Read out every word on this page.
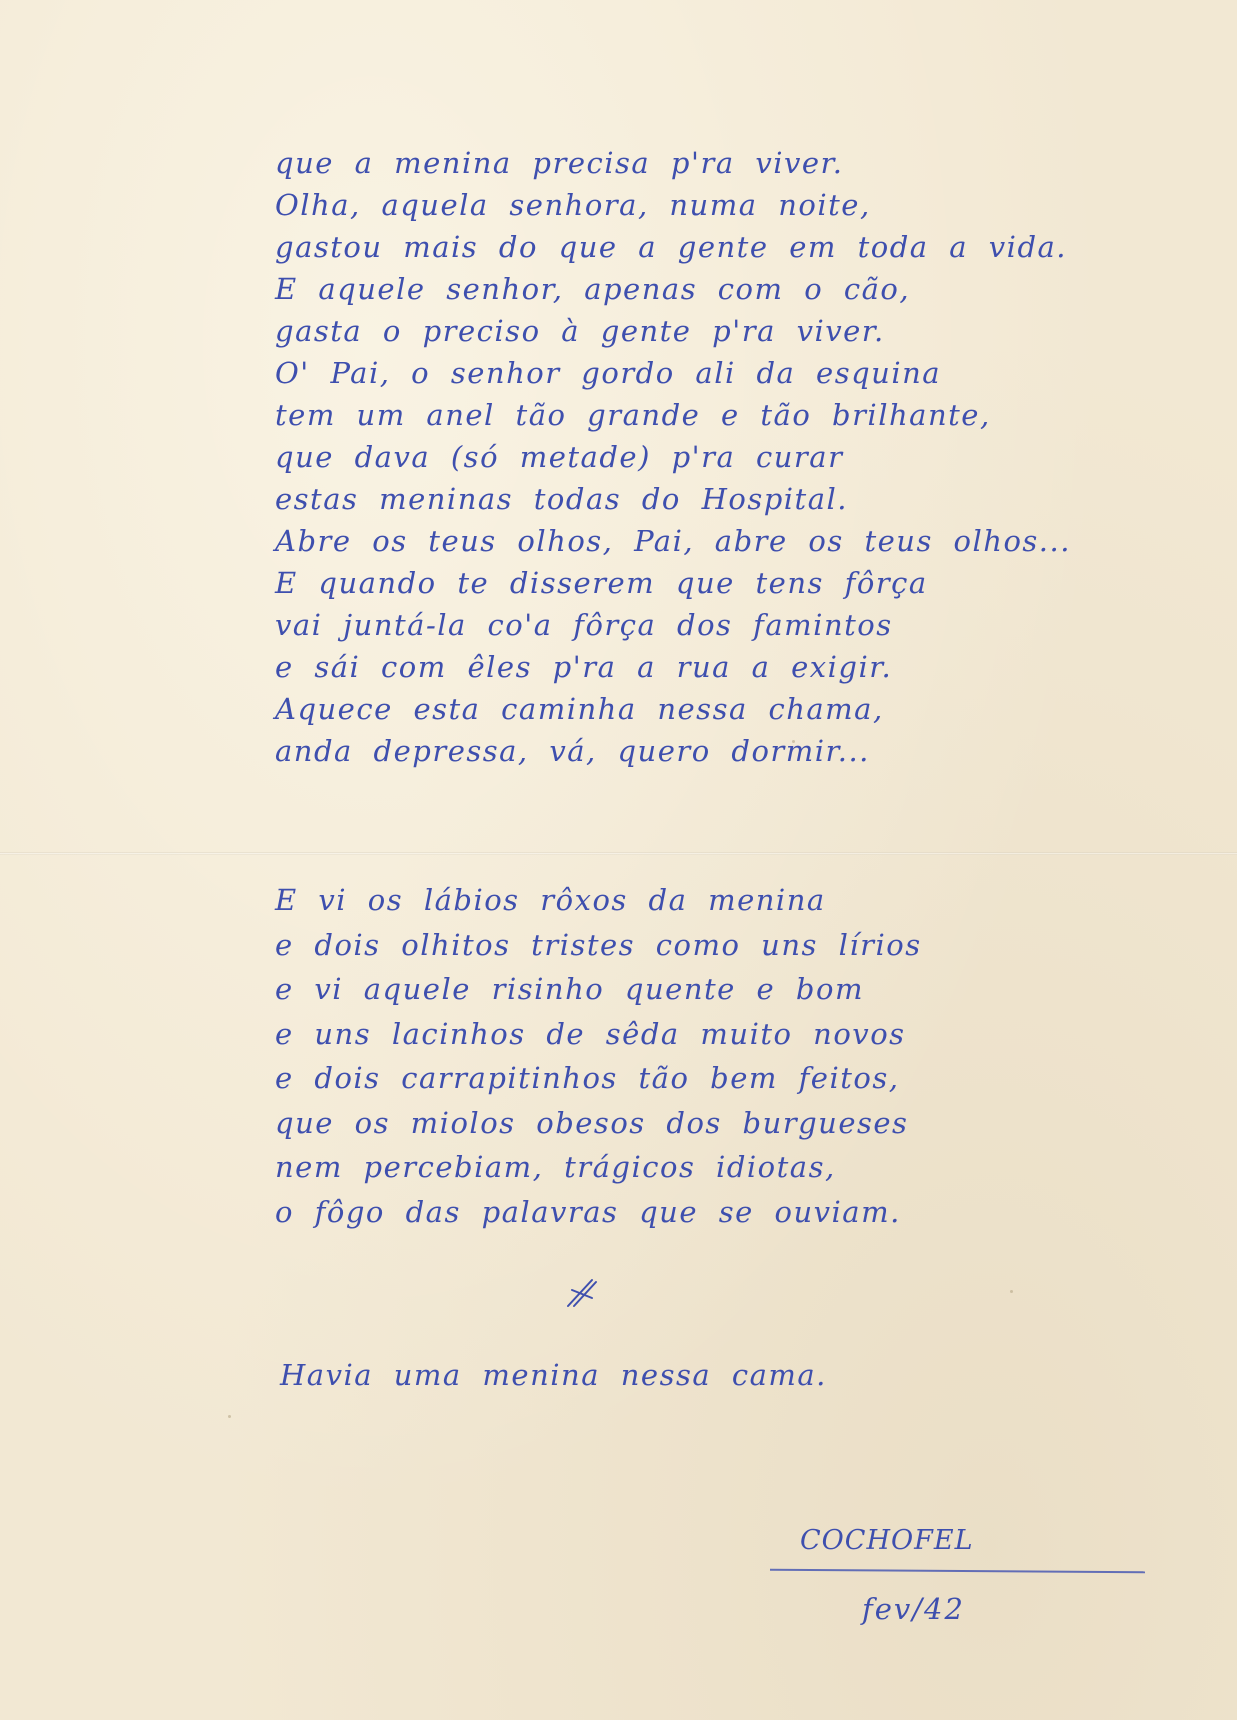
que a menina precisa p'ra viver.
Olha, aquela senhora, numa noite,
gastou mais do que a gente em toda a vida.
E aquele senhor, apenas com o cão,
gasta o preciso à gente p'ra viver.
O' Pai, o senhor gordo ali da esquina
tem um anel tão grande e tão brilhante,
que dava (só metade) p'ra curar
estas meninas todas do Hospital.
Abre os teus olhos, Pai, abre os teus olhos...
E quando te disserem que tens fôrça
vai juntá-la co'a fôrça dos famintos
e sái com êles p'ra a rua a exigir.
Aquece esta caminha nessa chama,
anda depressa, vá, quero dormir...
E vi os lábios rôxos da menina
e dois olhitos tristes como uns lírios
e vi aquele risinho quente e bom
e uns lacinhos de sêda muito novos
e dois carrapitinhos tão bem feitos,
que os miolos obesos dos burgueses
nem percebiam, trágicos idiotas,
o fôgo das palavras que se ouviam.
Havia uma menina nessa cama.
COCHOFEL
fev/42
